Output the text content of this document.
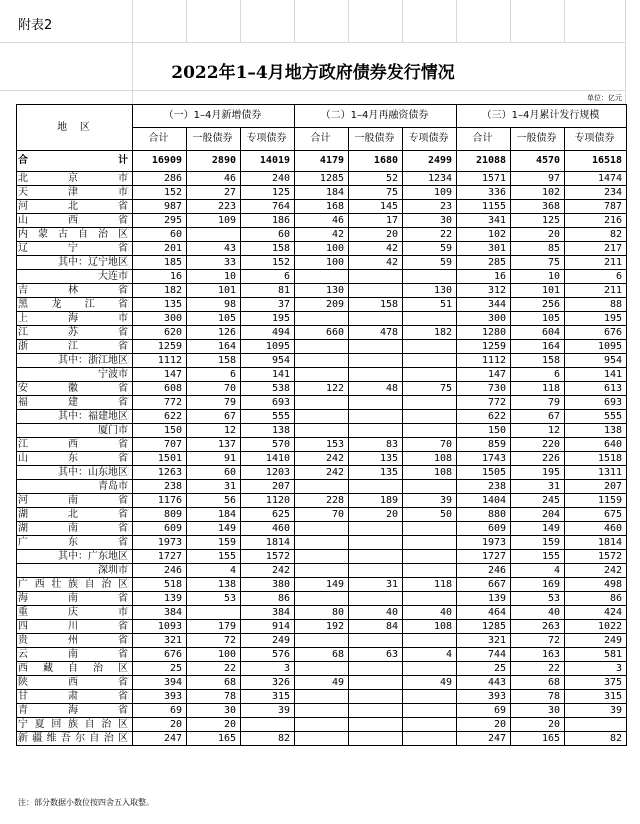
附表2
2022年1–4月地方政府债券发行情况
单位：亿元
地    区	（一）1–4月新增债券			（二）1–4月再融资债券			（三）1–4月累计发行规模		
	合计	一般债券	专项债券	合计	一般债券	专项债券	合计	一般债券	专项债券
合计	16909	2890	14019	4179	1680	2499	21088	4570	16518
北京市	286	46	240	1285	52	1234	1571	97	1474
天津市	152	27	125	184	75	109	336	102	234
河北省	987	223	764	168	145	23	1155	368	787
山西省	295	109	186	46	17	30	341	125	216
内蒙古自治区	60		60	42	20	22	102	20	82
辽宁省	201	43	158	100	42	59	301	85	217
其中：辽宁地区	185	33	152	100	42	59	285	75	211
大连市	16	10	6				16	10	6
吉林省	182	101	81	130		130	312	101	211
黑龙江省	135	98	37	209	158	51	344	256	88
上海市	300	105	195				300	105	195
江苏省	620	126	494	660	478	182	1280	604	676
浙江省	1259	164	1095				1259	164	1095
其中：浙江地区	1112	158	954				1112	158	954
宁波市	147	6	141				147	6	141
安徽省	608	70	538	122	48	75	730	118	613
福建省	772	79	693				772	79	693
其中：福建地区	622	67	555				622	67	555
厦门市	150	12	138				150	12	138
江西省	707	137	570	153	83	70	859	220	640
山东省	1501	91	1410	242	135	108	1743	226	1518
其中：山东地区	1263	60	1203	242	135	108	1505	195	1311
青岛市	238	31	207				238	31	207
河南省	1176	56	1120	228	189	39	1404	245	1159
湖北省	809	184	625	70	20	50	880	204	675
湖南省	609	149	460				609	149	460
广东省	1973	159	1814				1973	159	1814
其中：广东地区	1727	155	1572				1727	155	1572
深圳市	246	4	242				246	4	242
广西壮族自治区	518	138	380	149	31	118	667	169	498
海南省	139	53	86				139	53	86
重庆市	384		384	80	40	40	464	40	424
四川省	1093	179	914	192	84	108	1285	263	1022
贵州省	321	72	249				321	72	249
云南省	676	100	576	68	63	4	744	163	581
西藏自治区	25	22	3				25	22	3
陕西省	394	68	326	49		49	443	68	375
甘肃省	393	78	315				393	78	315
青海省	69	30	39				69	30	39
宁夏回族自治区	20	20					20	20	
新疆维吾尔自治区	247	165	82				247	165	82
注：部分数据小数位按四舍五入取整。
